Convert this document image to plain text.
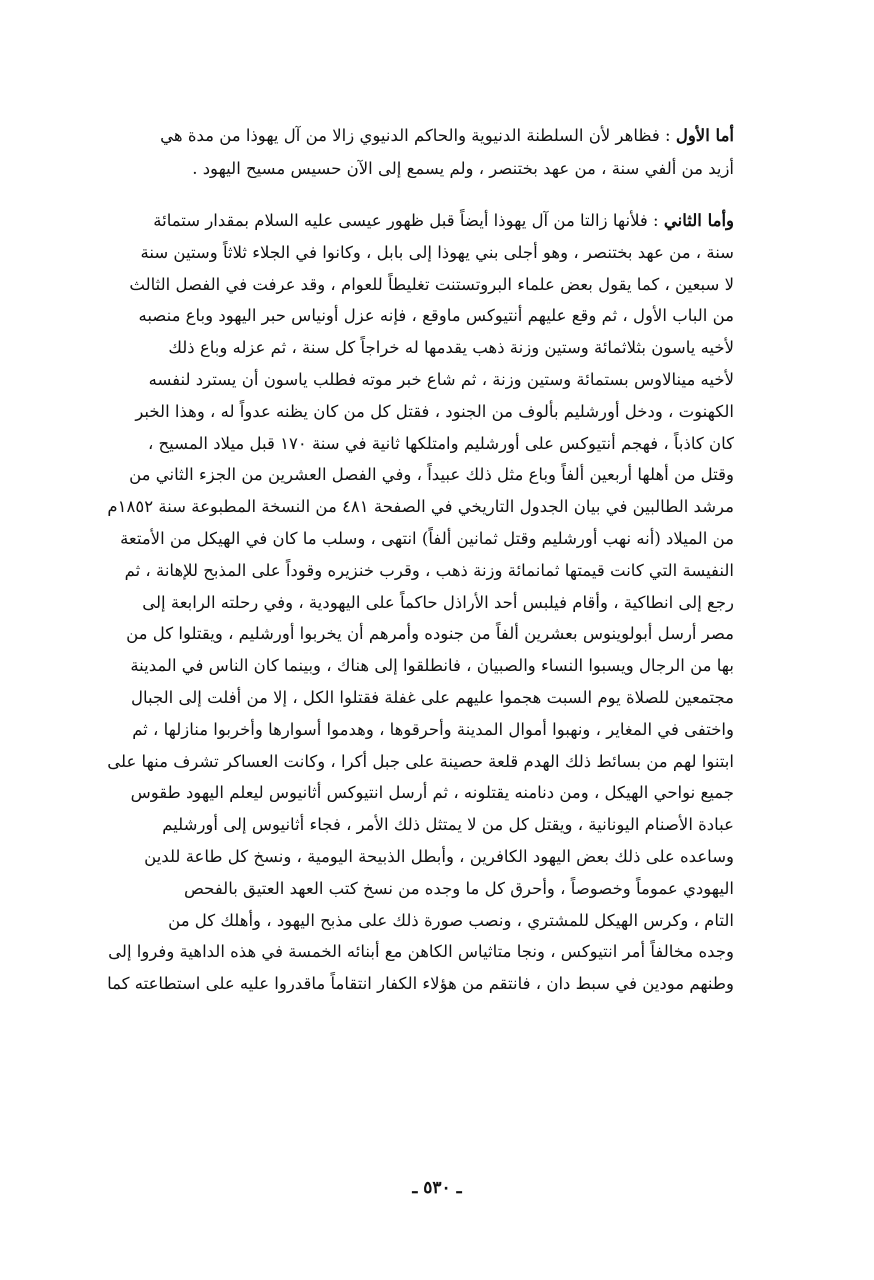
أما الأول : فظاهر لأن السلطنة الدنيوية والحاكم الدنيوي زالا من آل يهوذا من مدة هي
أزيد من ألفي سنة ، من عهد بختنصر ، ولم يسمع إلى الآن حسيس مسيح اليهود .
وأما الثاني : فلأنها زالتا من آل يهوذا أيضاً قبل ظهور عيسى عليه السلام بمقدار ستمائة
سنة ، من عهد بختنصر ، وهو أجلى بني يهوذا إلى بابل ، وكانوا في الجلاء ثلاثاً وستين سنة
لا سبعين ، كما يقول بعض علماء البروتستنت تغليطاً للعوام ، وقد عرفت في الفصل الثالث
من الباب الأول ، ثم وقع عليهم أنتيوكس ماوقع ، فإنه عزل أونياس حبر اليهود وباع منصبه
لأخيه ياسون بثلاثمائة وستين وزنة ذهب يقدمها له خراجاً كل سنة ، ثم عزله وباع ذلك
لأخيه مينالاوس بستمائة وستين وزنة ، ثم شاع خبر موته فطلب ياسون أن يسترد لنفسه
الكهنوت ، ودخل أورشليم بألوف من الجنود ، فقتل كل من كان يظنه عدواً له ، وهذا الخبر
كان كاذباً ، فهجم أنتيوكس على أورشليم وامتلكها ثانية في سنة ١٧٠ قبل ميلاد المسيح ،
وقتل من أهلها أربعين ألفاً وباع مثل ذلك عبيداً ، وفي الفصل العشرين من الجزء الثاني من
مرشد الطالبين في بيان الجدول التاريخي في الصفحة ٤٨١ من النسخة المطبوعة سنة ١٨٥٢م
من الميلاد (أنه نهب أورشليم وقتل ثمانين ألفاً) انتهى ، وسلب ما كان في الهيكل من الأمتعة
النفيسة التي كانت قيمتها ثمانمائة وزنة ذهب ، وقرب خنزيره وقوداً على المذبح للإهانة ، ثم
رجع إلى انطاكية ، وأقام فيلبس أحد الأراذل حاكماً على اليهودية ، وفي رحلته الرابعة إلى
مصر أرسل أبولوينوس بعشرين ألفاً من جنوده وأمرهم أن يخربوا أورشليم ، ويقتلوا كل من
بها من الرجال ويسبوا النساء والصبيان ، فانطلقوا إلى هناك ، وبينما كان الناس في المدينة
مجتمعين للصلاة يوم السبت هجموا عليهم على غفلة فقتلوا الكل ، إلا من أفلت إلى الجبال
واختفى في المغاير ، ونهبوا أموال المدينة وأحرقوها ، وهدموا أسوارها وأخربوا منازلها ، ثم
ابتنوا لهم من بسائط ذلك الهدم قلعة حصينة على جبل أكرا ، وكانت العساكر تشرف منها على
جميع نواحي الهيكل ، ومن دنامنه يقتلونه ، ثم أرسل انتيوكس أثانيوس ليعلم اليهود طقوس
عبادة الأصنام اليونانية ، ويقتل كل من لا يمتثل ذلك الأمر ، فجاء أثانيوس إلى أورشليم
وساعده على ذلك بعض اليهود الكافرين ، وأبطل الذبيحة اليومية ، ونسخ كل طاعة للدين
اليهودي عموماً وخصوصاً ، وأحرق كل ما وجده من نسخ كتب العهد العتيق بالفحص
التام ، وكرس الهيكل للمشتري ، ونصب صورة ذلك على مذبح اليهود ، وأهلك كل من
وجده مخالفاً أمر انتيوكس ، ونجا متاثياس الكاهن مع أبنائه الخمسة في هذه الداهية وفروا إلى
وطنهم مودين في سبط دان ، فانتقم من هؤلاء الكفار انتقاماً ماقدروا عليه على استطاعته كما
ـ ٥٣٠ ـ
